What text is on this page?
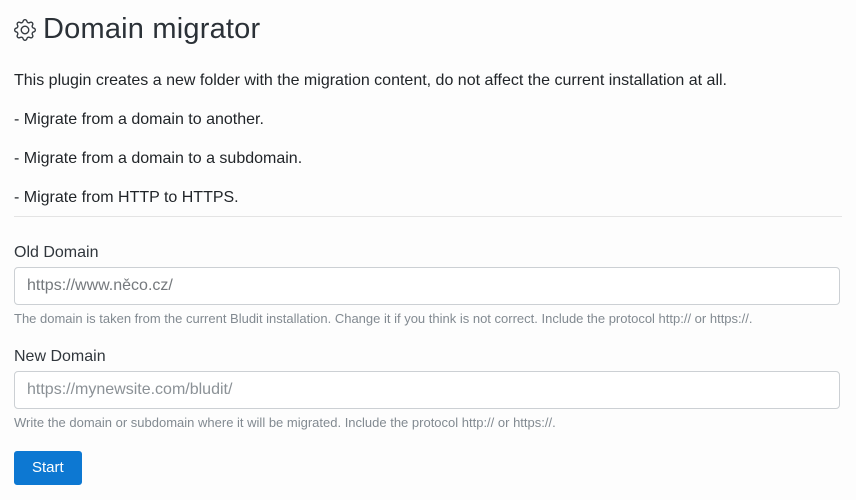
Domain migrator

This plugin creates a new folder with the migration content, do not affect the current installation at all.

- Migrate from a domain to another.

- Migrate from a domain to a subdomain.

- Migrate from HTTP to HTTPS.

Old Domain
https://www.něco.cz/
The domain is taken from the current Bludit installation. Change it if you think is not correct. Include the protocol http:// or https://.
New Domain
https://mynewsite.com/bludit/
Write the domain or subdomain where it will be migrated. Include the protocol http:// or https://.
Start
